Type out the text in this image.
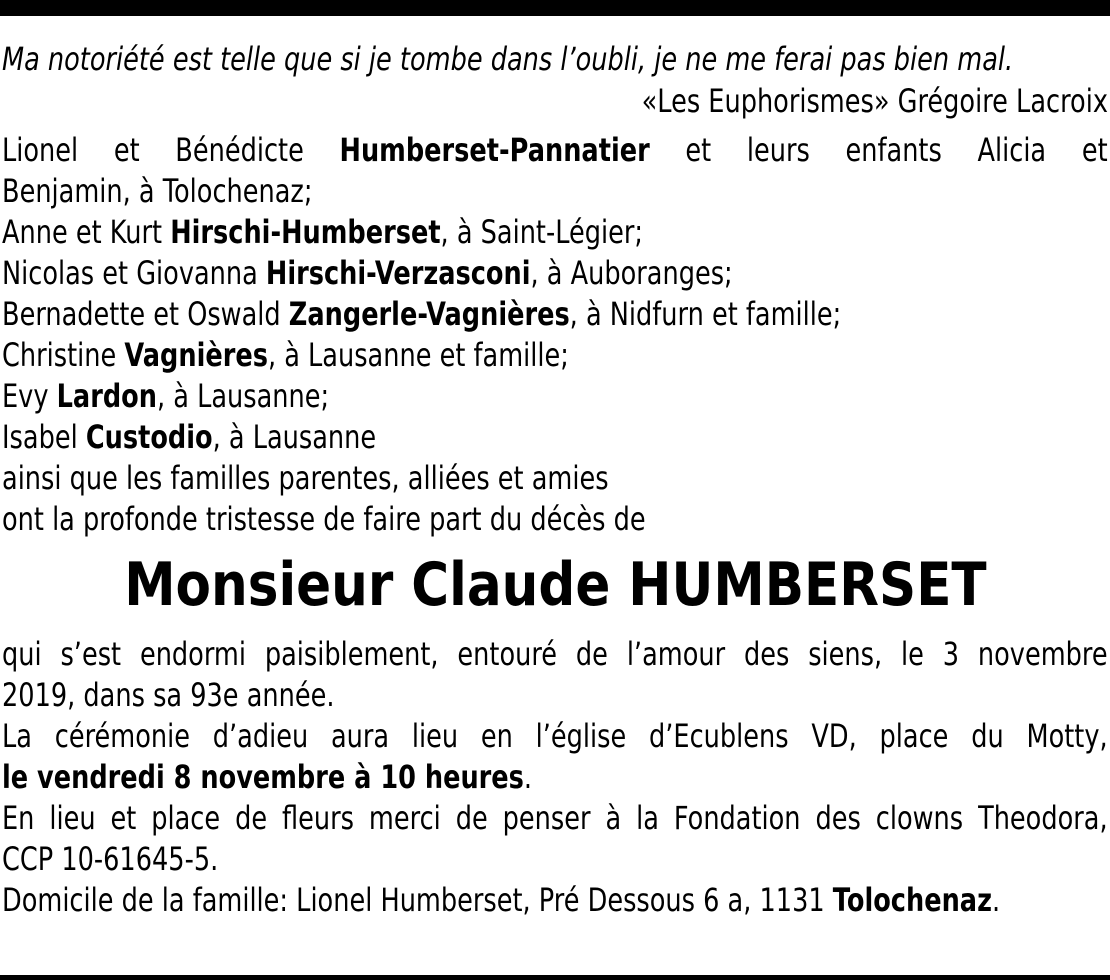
Ma notoriété est telle que si je tombe dans l’oubli, je ne me ferai pas bien mal.
«Les Euphorismes» Grégoire Lacroix
Lionel et Bénédicte Humberset-Pannatier et leurs enfants Alicia et
Benjamin, à Tolochenaz;
Anne et Kurt Hirschi-Humberset, à Saint-Légier;
Nicolas et Giovanna Hirschi-Verzasconi, à Auboranges;
Bernadette et Oswald Zangerle-Vagnières, à Nidfurn et famille;
Christine Vagnières, à Lausanne et famille;
Evy Lardon, à Lausanne;
Isabel Custodio, à Lausanne
ainsi que les familles parentes, alliées et amies
ont la profonde tristesse de faire part du décès de
Monsieur Claude HUMBERSET
qui s’est endormi paisiblement, entouré de l’amour des siens, le 3 novembre
2019, dans sa 93e année.
La cérémonie d’adieu aura lieu en l’église d’Ecublens VD, place du Motty,
le vendredi 8 novembre à 10 heures.
En lieu et place de fleurs merci de penser à la Fondation des clowns Theodora,
CCP 10-61645-5.
Domicile de la famille: Lionel Humberset, Pré Dessous 6 a, 1131 Tolochenaz.
